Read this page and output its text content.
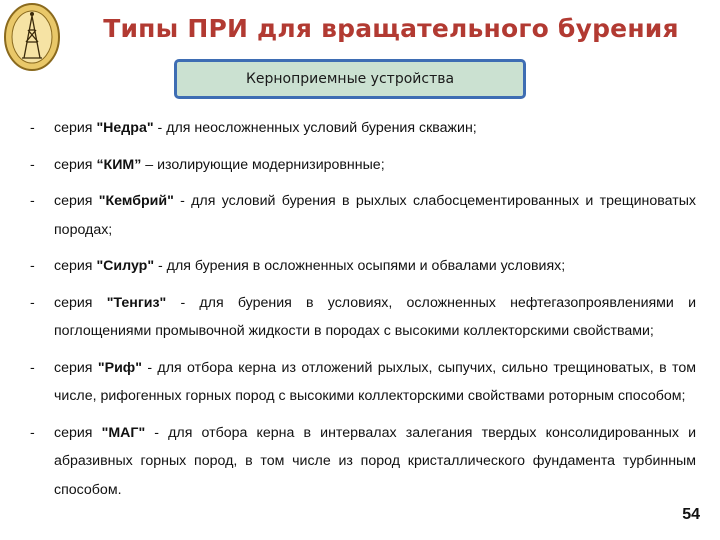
Типы ПРИ для вращательного бурения
Керноприемные устройства
- серия "Недра" - для неосложненных условий бурения скважин;
- серия “КИМ” – изолирующие модернизировнные;
- серия "Кембрий" - для условий бурения в рыхлых слабосцементированных и трещиноватых породах;
- серия "Силур" - для бурения в осложненных осыпями и обвалами условиях;
- серия "Тенгиз" - для бурения в условиях, осложненных нефтегазопроявлениями и поглощениями промывочной жидкости в породах с высокими коллекторскими свойствами;
- серия "Риф" - для отбора керна из отложений рыхлых, сыпучих, сильно трещиноватых, в том числе, рифогенных горных пород с высокими коллекторскими свойствами роторным способом;
- серия "МАГ" - для отбора керна в интервалах залегания твердых консолидированных и абразивных горных пород, в том числе из пород кристаллического фундамента турбинным способом.
54
